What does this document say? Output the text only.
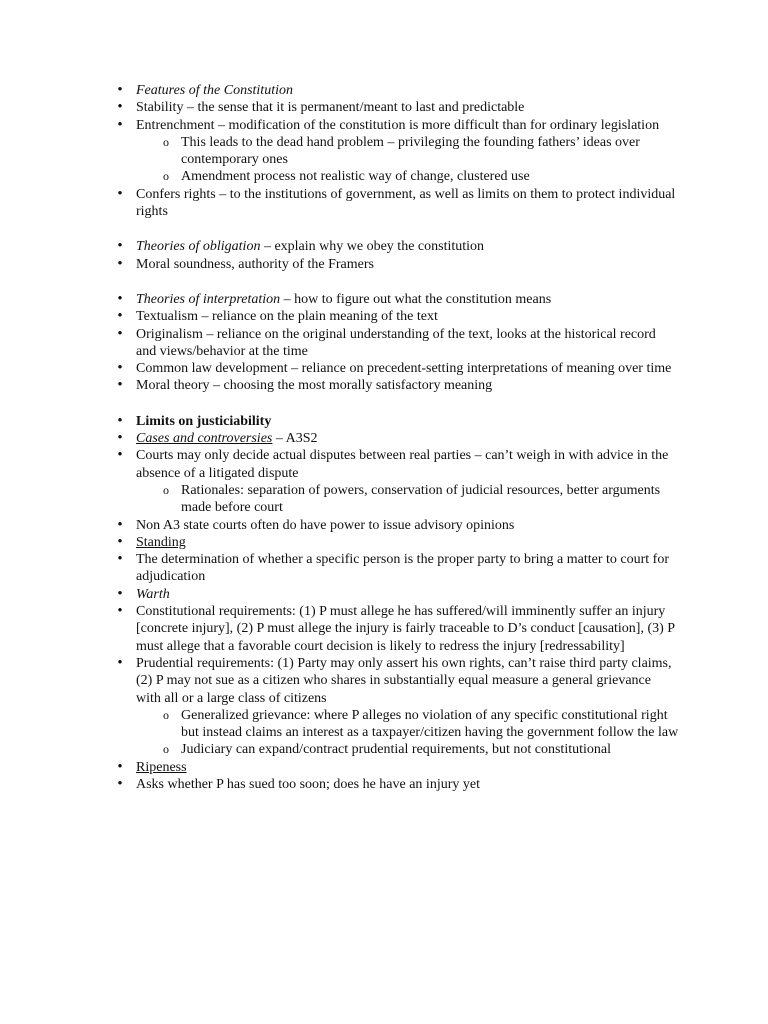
• Features of the Constitution
• Stability – the sense that it is permanent/meant to last and predictable
• Entrenchment – modification of the constitution is more difficult than for ordinary legislation
o This leads to the dead hand problem – privileging the founding fathers’ ideas over contemporary ones
o Amendment process not realistic way of change, clustered use
• Confers rights – to the institutions of government, as well as limits on them to protect individual rights
• Theories of obligation – explain why we obey the constitution
• Moral soundness, authority of the Framers
• Theories of interpretation – how to figure out what the constitution means
• Textualism – reliance on the plain meaning of the text
• Originalism – reliance on the original understanding of the text, looks at the historical record and views/behavior at the time
• Common law development – reliance on precedent-setting interpretations of meaning over time
• Moral theory – choosing the most morally satisfactory meaning
• Limits on justiciability
• Cases and controversies – A3S2
• Courts may only decide actual disputes between real parties – can’t weigh in with advice in the absence of a litigated dispute
o Rationales: separation of powers, conservation of judicial resources, better arguments made before court
• Non A3 state courts often do have power to issue advisory opinions
• Standing
• The determination of whether a specific person is the proper party to bring a matter to court for adjudication
• Warth
• Constitutional requirements: (1) P must allege he has suffered/will imminently suffer an injury [concrete injury], (2) P must allege the injury is fairly traceable to D’s conduct [causation], (3) P must allege that a favorable court decision is likely to redress the injury [redressability]
• Prudential requirements: (1) Party may only assert his own rights, can’t raise third party claims, (2) P may not sue as a citizen who shares in substantially equal measure a general grievance with all or a large class of citizens
o Generalized grievance: where P alleges no violation of any specific constitutional right but instead claims an interest as a taxpayer/citizen having the government follow the law
o Judiciary can expand/contract prudential requirements, but not constitutional
• Ripeness
• Asks whether P has sued too soon; does he have an injury yet
